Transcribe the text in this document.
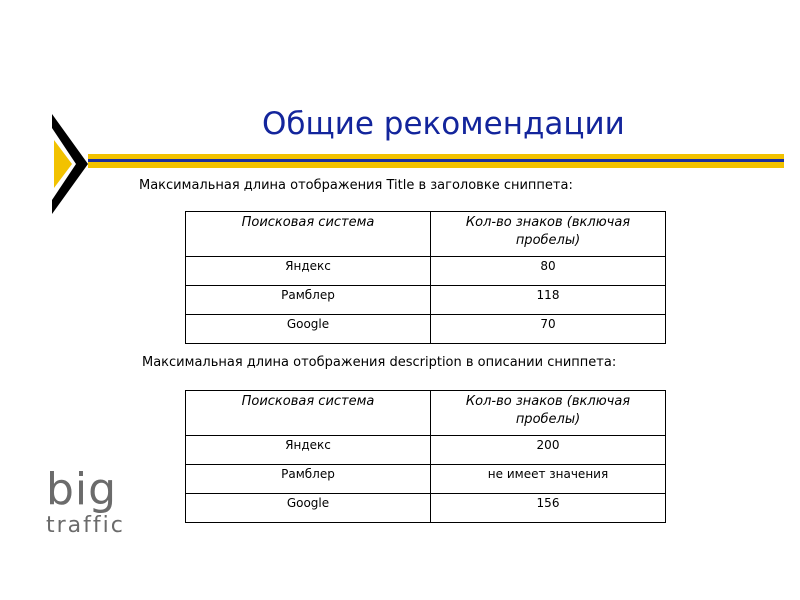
Общие рекомендации
Максимальная длина отображения Title в заголовке сниппета:
Поисковая система	Кол-во знаков (включая пробелы)
Яндекс	80
Рамблер	118
Google	70
Максимальная длина отображения description в описании сниппета:
Поисковая система	Кол-во знаков (включая пробелы)
Яндекс	200
Рамблер	не имеет значения
Google	156
big
traffic
